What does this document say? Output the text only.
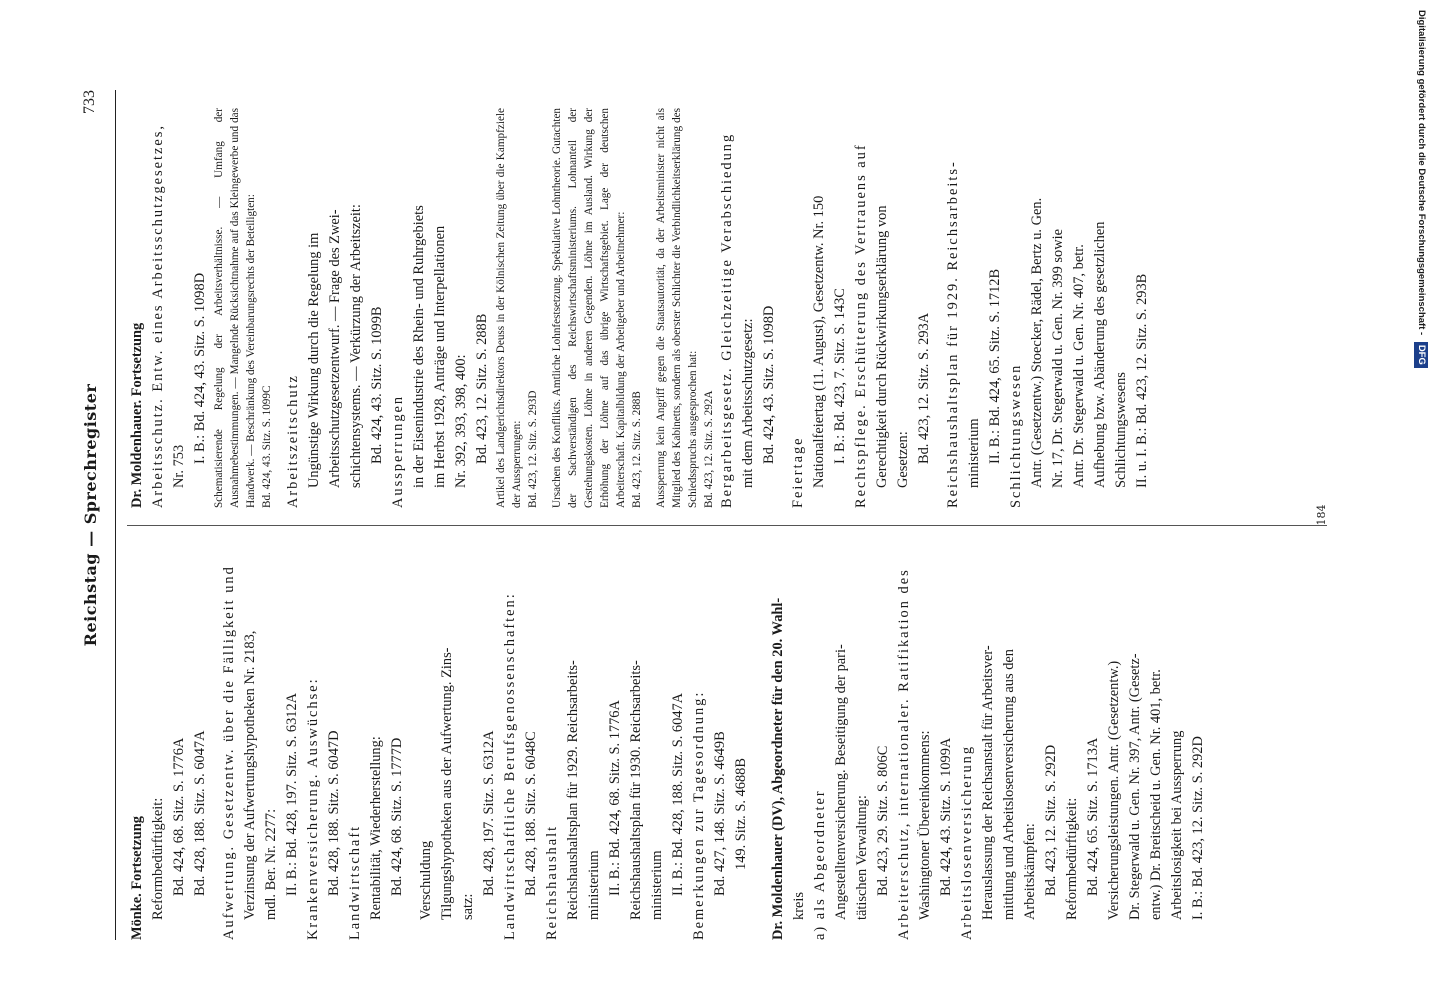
Reichstag — Sprechregister
733
Mönke. Fortsetzung Reformbedürftigkeit: Bd. 424, 68. Sitz. S. 1776A Bd. 428, 188. Sitz. S. 6047A Aufwertung. Gesetzentw. über die Fälligkeit und Verzinsung der Aufwertungshypotheken Nr. 2183, mdl. Ber. Nr. 2277: II. B.: Bd. 428, 197. Sitz. S. 6312A Krankenversicherung. Auswüchse: Bd. 428, 188. Sitz. S. 6047D Landwirtschaft Rentabilität, Wiederherstellung: Bd. 424, 68. Sitz. S. 1777D Verschuldung Tilgungshypotheken aus der Aufwertung. Zins- satz:
Bd. 428, 197. Sitz. S. 6312A Landwirtschaftliche Berufsgenossenschaften: Bd. 428, 188. Sitz. S. 6048C Reichshaushalt Reichshaushaltsplan für 1929. Reichsarbeits- ministerium II. B.: Bd. 424, 68. Sitz. S. 1776A Reichshaushaltsplan für 1930. Reichsarbeits- ministerium II. B.: Bd. 428, 188. Sitz. S. 6047A Bemerkungen zur Tagesordnung: Bd. 427, 148. Sitz. S. 4649B 149. Sitz. S. 4688B Dr. Moldenhauer (DV), Abgeordneter für den 20. Wahl- kreis a) als Abgeordneter Angestelltenversicherung. Beseitigung der pari- tätischen Verwaltung: Bd. 423, 29. Sitz. S. 806C Arbeiterschutz, internationaler. Ratifikation des Washingtoner Übereinkommens: Bd. 424, 43. Sitz. S. 1099A Arbeitslosenversicherung Herauslassung der Reichsanstalt für Arbeitsver- mittlung und Arbeitslosenversicherung aus den Arbeitskämpfen: Bd. 423, 12. Sitz. S. 292D Reformbedürftigkeit: Bd. 424, 65. Sitz. S. 1713A Versicherungsleistungen. Antr. (Gesetzentw.) Dr. Stegerwald u. Gen. Nr. 397, Antr. (Gesetz- entw.) Dr. Breitscheid u. Gen. Nr. 401, betr. Arbeitslosigkeit bei Aussperrung I. B.: Bd. 423, 12. Sitz. S. 292D
Dr. Moldenhauer. Fortsetzung Arbeitsschutz. Entw. eines Arbeitsschutzgesetzes, Nr. 753
I. B.: Bd. 424, 43. Sitz. S. 1098D Schematisierende Regelung der Arbeitsverhältnisse. — Umfang der Ausnahmebestimmungen. — Mangelnde Rücksichtnahme auf das Kleingewerbe und das Handwerk. — Beschränkung des Vereinbarungsrechts der Beteiligten: Bd. 424, 43. Sitz. S. 1099C Arbeitszeitschutz Ungünstige Wirkung durch die Regelung im Arbeitsschutzgesetzentwurf. — Frage des Zwei- schichtensystems. — Verkürzung der Arbeitszeit: Bd. 424, 43. Sitz. S. 1099B Aussperrungen in der Eisenindustrie des Rhein- und Ruhrgebiets im Herbst 1928, Anträge und Interpellationen Nr. 392, 393, 398, 400: Bd. 423, 12. Sitz. S. 288B Artikel des Landgerichtsdirektors Deuss in der Kölnischen Zeitung über die Kampfziele der Aussperrungen: Bd. 423, 12. Sitz. S. 293D Ursachen des Konflikts. Amtliche Lohnfestsetzung. Spekulative Lohntheorie. Gutachten der Sachverständigen des Reichswirtschaftsministeriums. Lohnanteil der Gestehungskosten. Löhne in anderen Gegenden. Löhne im Ausland. Wirkung der Erhöhung der Löhne auf das übrige Wirtschaftsgebiet. Lage der deutschen Arbeiterschaft. Kapitalbildung der Arbeitgeber und Arbeitnehmer: Bd. 423, 12. Sitz. S. 288B Aussperrung kein Angriff gegen die Staatsautorität, da der Arbeitsminister nicht als Mitglied des Kabinetts, sondern als oberster Schlichter die Verbindlichkeitserklärung des Schiedsspruchs ausgesprochen hat: Bd. 423, 12. Sitz. S. 292A Bergarbeitsgesetz. Gleichzeitige Verabschiedung mit dem Arbeitsschutzgesetz: Bd. 424, 43. Sitz. S. 1098D
Feiertage Nationalfeiertag (11. August), Gesetzentw. Nr. 150 I. B.: Bd. 423, 7. Sitz. S. 143C Rechtspflege. Erschütterung des Vertrauens auf Gerechtigkeit durch Rückwirkungserklärung von Gesetzen: Bd. 423, 12. Sitz. S. 293A Reichshaushaltsplan für 1929. Reichsarbeits- ministerium II. B.: Bd. 424, 65. Sitz. S. 1712B Schlichtungswesen Antr. (Gesetzentw.) Stoecker, Rädel, Bertz u. Gen. Nr. 17, Dr. Stegerwald u. Gen. Nr. 399 sowie Antr. Dr. Stegerwald u. Gen. Nr. 407, betr. Aufhebung bzw. Abänderung des gesetzlichen Schlichtungswesens II. u. I. B.: Bd. 423, 12. Sitz. S. 293B
184
Digitalisierung gefördert durch die Deutsche Forschungsgemeinschaft - DFG
